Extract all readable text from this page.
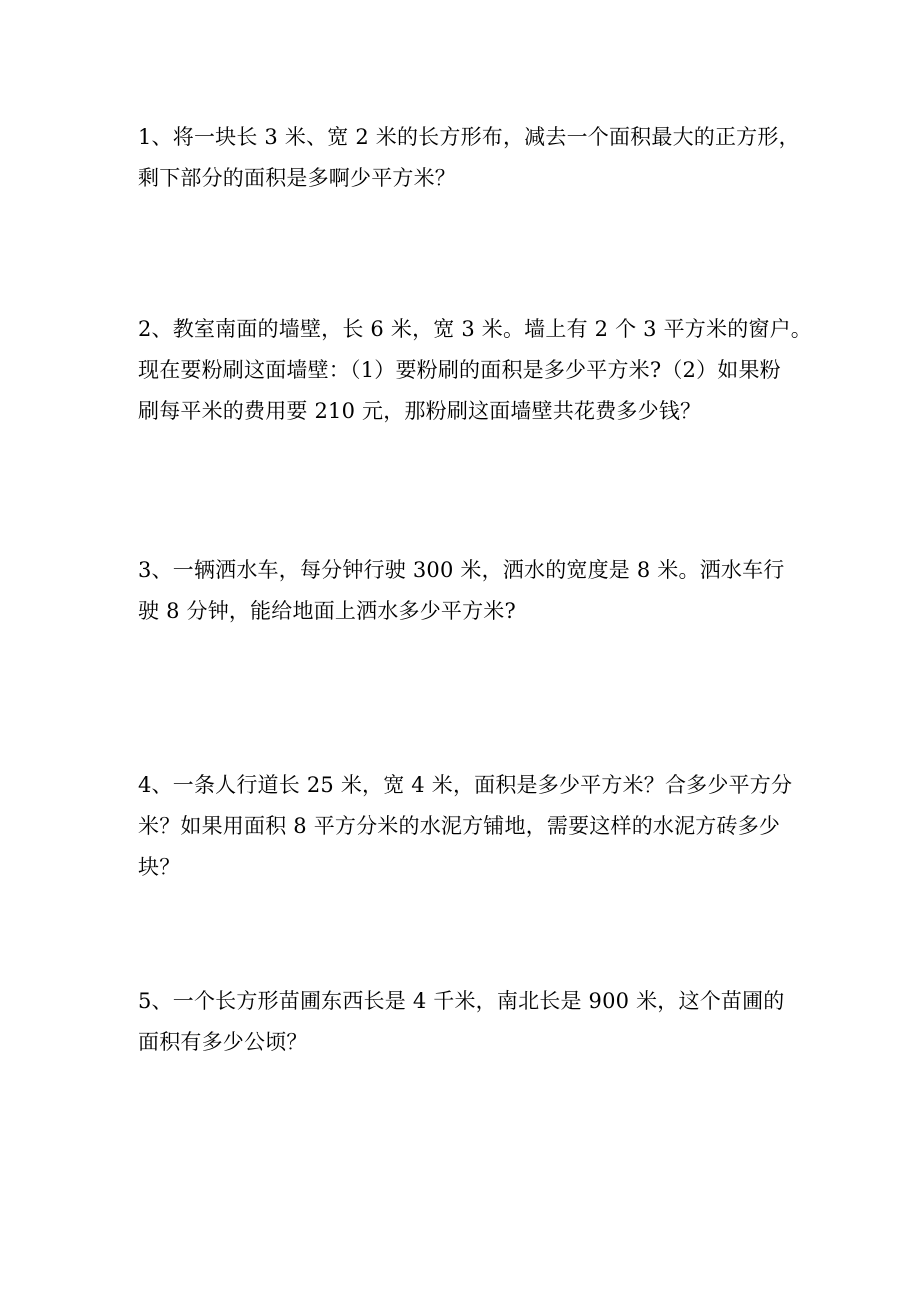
1、将一块长 3 米、宽 2 米的长方形布，减去一个面积最大的正方形，
剩下部分的面积是多啊少平方米？
2、教室南面的墙壁，长 6 米，宽 3 米。墙上有 2 个 3 平方米的窗户。
现在要粉刷这面墙壁：（1）要粉刷的面积是多少平方米?（2）如果粉
刷每平米的费用要 210 元，那粉刷这面墙壁共花费多少钱？
3、一辆洒水车，每分钟行驶 300 米，洒水的宽度是 8 米。洒水车行
驶 8 分钟，能给地面上洒水多少平方米?
4、一条人行道长 25 米，宽 4 米，面积是多少平方米？合多少平方分
米？如果用面积 8 平方分米的水泥方铺地，需要这样的水泥方砖多少
块？
5、一个长方形苗圃东西长是 4 千米，南北长是 900 米，这个苗圃的
面积有多少公顷？
